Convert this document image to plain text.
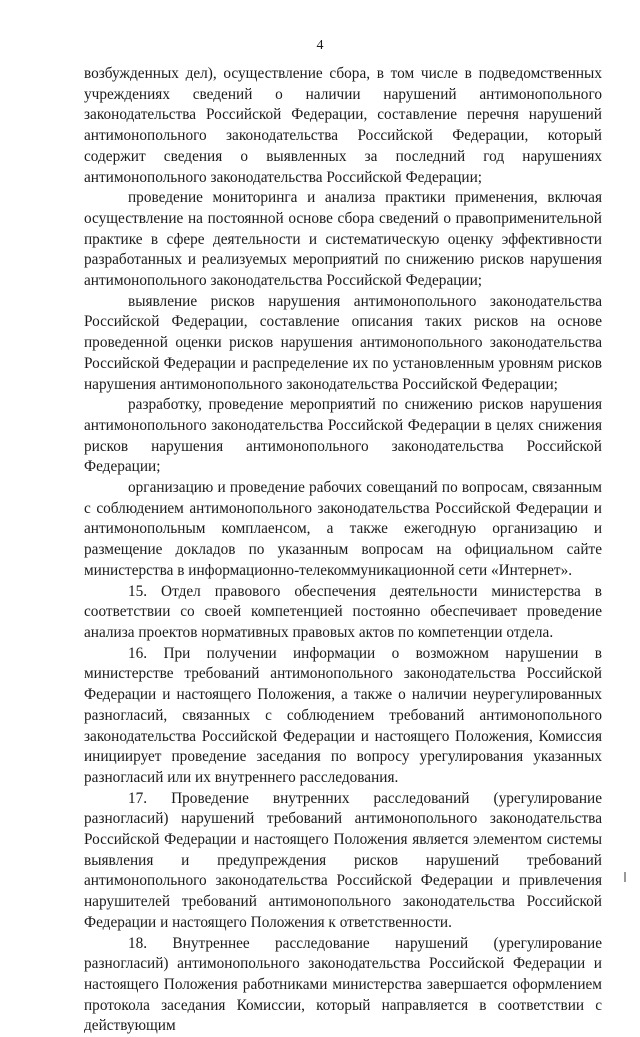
4

возбужденных дел), осуществление сбора, в том числе в подведомственных учреждениях сведений о наличии нарушений антимонопольного законодательства Российской Федерации, составление перечня нарушений антимонопольного законодательства Российской Федерации, который содержит сведения о выявленных за последний год нарушениях антимонопольного законодательства Российской Федерации;

проведение мониторинга и анализа практики применения, включая осуществление на постоянной основе сбора сведений о правоприменительной практике в сфере деятельности и систематическую оценку эффективности разработанных и реализуемых мероприятий по снижению рисков нарушения антимонопольного законодательства Российской Федерации;

выявление рисков нарушения антимонопольного законодательства Российской Федерации, составление описания таких рисков на основе проведенной оценки рисков нарушения антимонопольного законодательства Российской Федерации и распределение их по установленным уровням рисков нарушения антимонопольного законодательства Российской Федерации;

разработку, проведение мероприятий по снижению рисков нарушения антимонопольного законодательства Российской Федерации в целях снижения рисков нарушения антимонопольного законодательства Российской Федерации;

организацию и проведение рабочих совещаний по вопросам, связанным с соблюдением антимонопольного законодательства Российской Федерации и антимонопольным комплаенсом, а также ежегодную организацию и размещение докладов по указанным вопросам на официальном сайте министерства в информационно-телекоммуникационной сети «Интернет».

15. Отдел правового обеспечения деятельности министерства в соответствии со своей компетенцией постоянно обеспечивает проведение анализа проектов нормативных правовых актов по компетенции отдела.

16. При получении информации о возможном нарушении в министерстве требований антимонопольного законодательства Российской Федерации и настоящего Положения, а также о наличии неурегулированных разногласий, связанных с соблюдением требований антимонопольного законодательства Российской Федерации и настоящего Положения, Комиссия инициирует проведение заседания по вопросу урегулирования указанных разногласий или их внутреннего расследования.

17. Проведение внутренних расследований (урегулирование разногласий) нарушений требований антимонопольного законодательства Российской Федерации и настоящего Положения является элементом системы выявления и предупреждения рисков нарушений требований антимонопольного законодательства Российской Федерации и привлечения нарушителей требований антимонопольного законодательства Российской Федерации и настоящего Положения к ответственности.

18. Внутреннее расследование нарушений (урегулирование разногласий) антимонопольного законодательства Российской Федерации и настоящего Положения работниками министерства завершается оформлением протокола заседания Комиссии, который направляется в соответствии с действующим
